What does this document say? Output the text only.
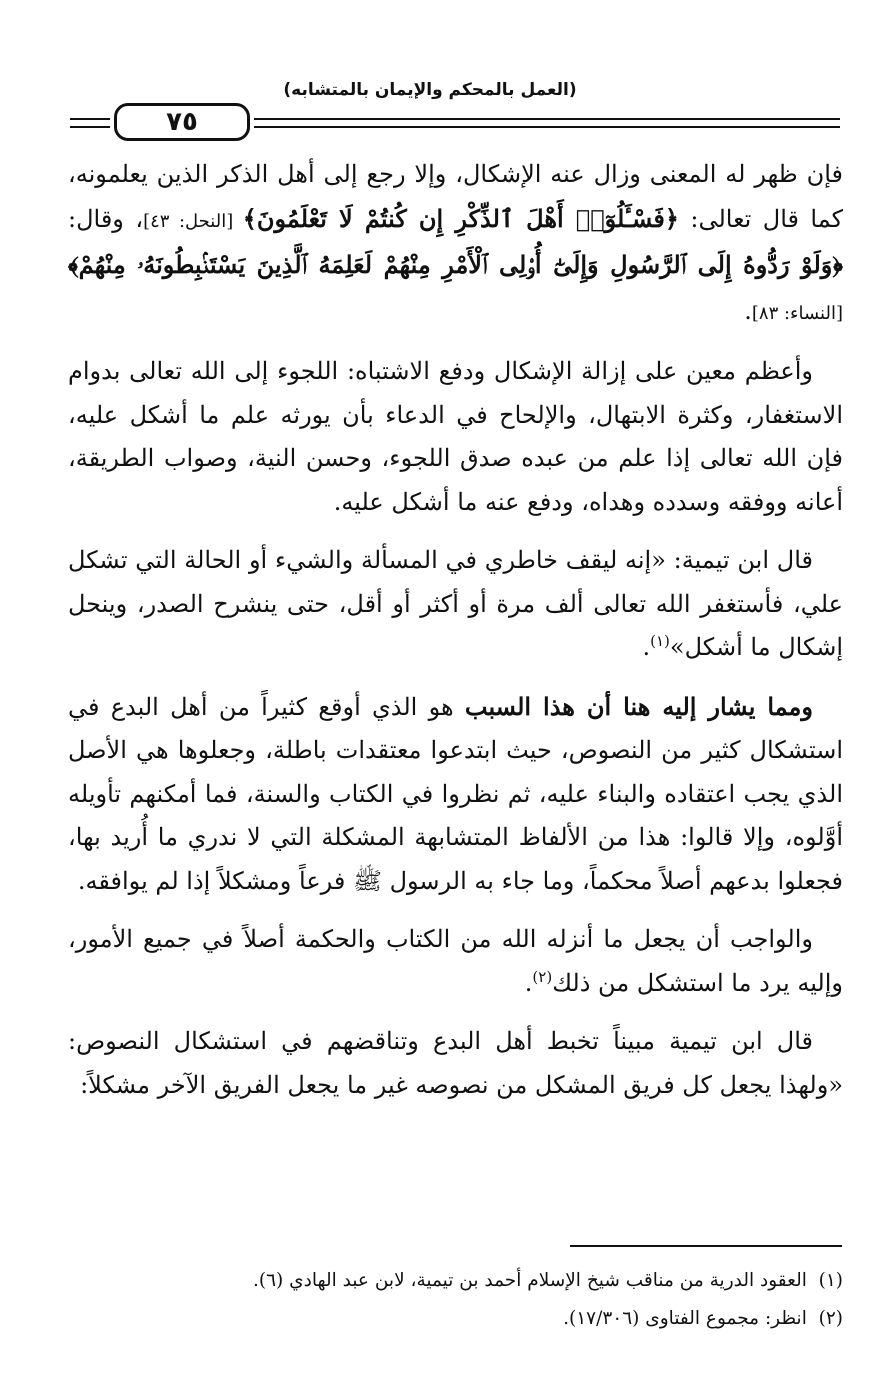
(العمل بالمحكم والإيمان بالمتشابه)
٧٥

فإن ظهر له المعنى وزال عنه الإشكال، وإلا رجع إلى أهل الذكر الذين يعلمونه، كما قال تعالى: ﴿فَسْـَٔلُوٓا۟ أَهْلَ ٱلذِّكْرِ إِن كُنتُمْ لَا تَعْلَمُونَ﴾ [النحل: ٤٣]، وقال: ﴿وَلَوْ رَدُّوهُ إِلَى ٱلرَّسُولِ وَإِلَىٰٓ أُو۟لِى ٱلْأَمْرِ مِنْهُمْ لَعَلِمَهُ ٱلَّذِينَ يَسْتَنۢبِطُونَهُۥ مِنْهُمْ﴾ [النساء: ٨٣].

وأعظم معين على إزالة الإشكال ودفع الاشتباه: اللجوء إلى الله تعالى بدوام الاستغفار، وكثرة الابتهال، والإلحاح في الدعاء بأن يورثه علم ما أشكل عليه، فإن الله تعالى إذا علم من عبده صدق اللجوء، وحسن النية، وصواب الطريقة، أعانه ووفقه وسدده وهداه، ودفع عنه ما أشكل عليه.

قال ابن تيمية: «إنه ليقف خاطري في المسألة والشيء أو الحالة التي تشكل علي، فأستغفر الله تعالى ألف مرة أو أكثر أو أقل، حتى ينشرح الصدر، وينحل إشكال ما أشكل»$^{(١)}$.

ومما يشار إليه هنا أن هذا السبب هو الذي أوقع كثيراً من أهل البدع في استشكال كثير من النصوص، حيث ابتدعوا معتقدات باطلة، وجعلوها هي الأصل الذي يجب اعتقاده والبناء عليه، ثم نظروا في الكتاب والسنة، فما أمكنهم تأويله أوَّلوه، وإلا قالوا: هذا من الألفاظ المتشابهة المشكلة التي لا ندري ما أُريد بها، فجعلوا بدعهم أصلاً محكماً، وما جاء به الرسول ﷺ فرعاً ومشكلاً إذا لم يوافقه.

والواجب أن يجعل ما أنزله الله من الكتاب والحكمة أصلاً في جميع الأمور، وإليه يرد ما استشكل من ذلك$^{(٢)}$.

قال ابن تيمية مبيناً تخبط أهل البدع وتناقضهم في استشكال النصوص: «ولهذا يجعل كل فريق المشكل من نصوصه غير ما يجعل الفريق الآخر مشكلاً:

(١)  العقود الدرية من مناقب شيخ الإسلام أحمد بن تيمية، لابن عبد الهادي (٦).

(٢)  انظر: مجموع الفتاوى (١٧/٣٠٦).
